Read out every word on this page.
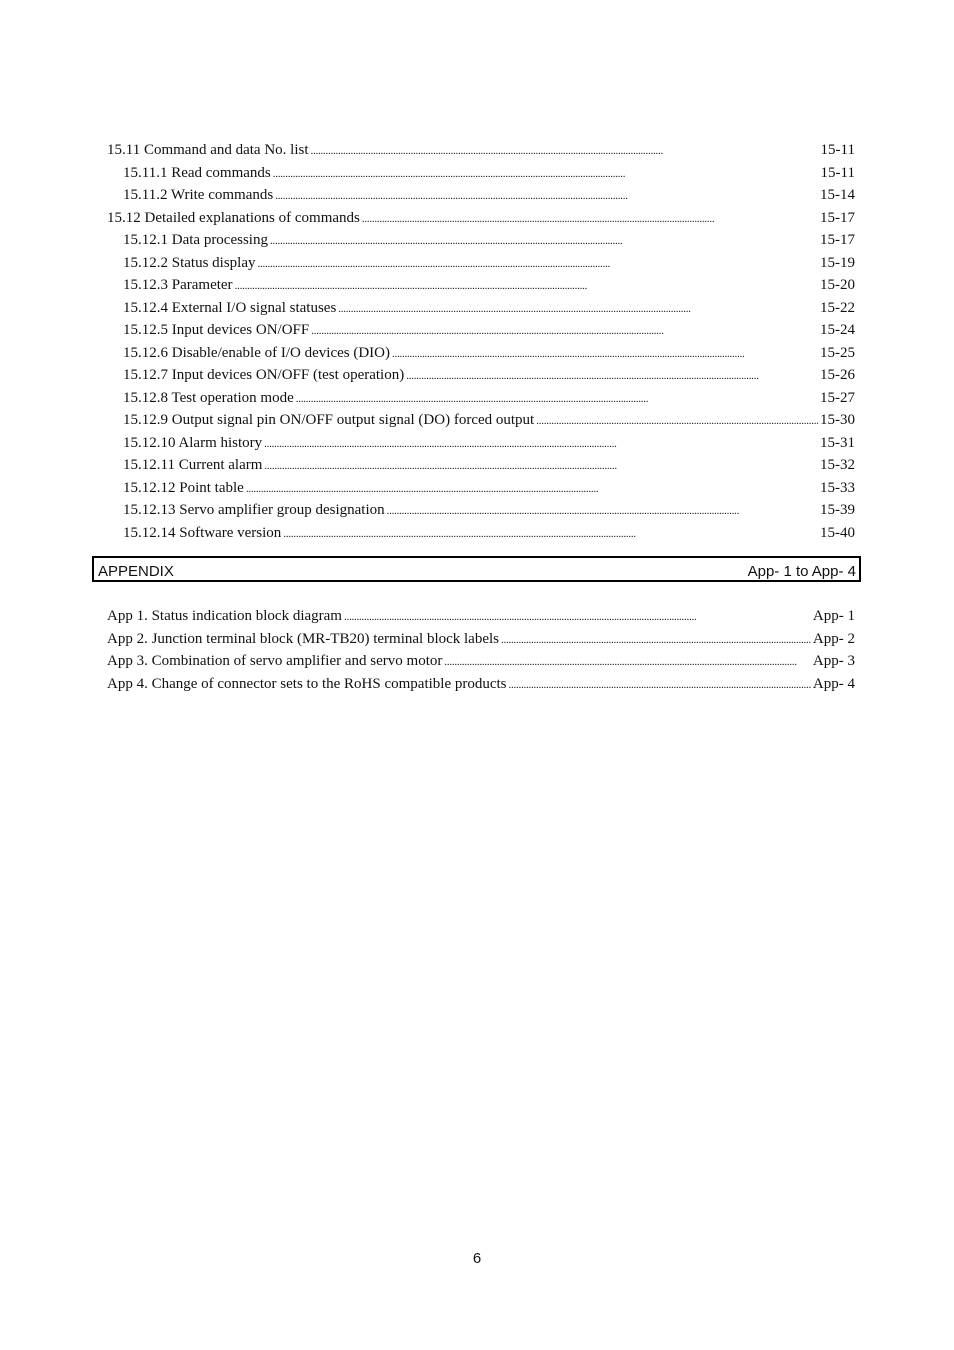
15.11 Command and data No. list . . .	15-11
15.11.1 Read commands . . .	15-11
15.11.2 Write commands . . .	15-14
15.12 Detailed explanations of commands . . .	15-17
15.12.1 Data processing . . .	15-17
15.12.2 Status display . . .	15-19
15.12.3 Parameter . . .	15-20
15.12.4 External I/O signal statuses . . .	15-22
15.12.5 Input devices ON/OFF . . .	15-24
15.12.6 Disable/enable of I/O devices (DIO) . . .	15-25
15.12.7 Input devices ON/OFF (test operation) . . .	15-26
15.12.8 Test operation mode . . .	15-27
15.12.9 Output signal pin ON/OFF output signal (DO) forced output . . .	15-30
15.12.10 Alarm history . . .	15-31
15.12.11 Current alarm . . .	15-32
15.12.12 Point table . . .	15-33
15.12.13 Servo amplifier group designation . . .	15-39
15.12.14 Software version . . .	15-40
APPENDIX	App- 1 to App- 4
App 1. Status indication block diagram . . .	App- 1
App 2. Junction terminal block (MR-TB20) terminal block labels . . .	App- 2
App 3. Combination of servo amplifier and servo motor . . .	App- 3
App 4. Change of connector sets to the RoHS compatible products . . .	App- 4
6
